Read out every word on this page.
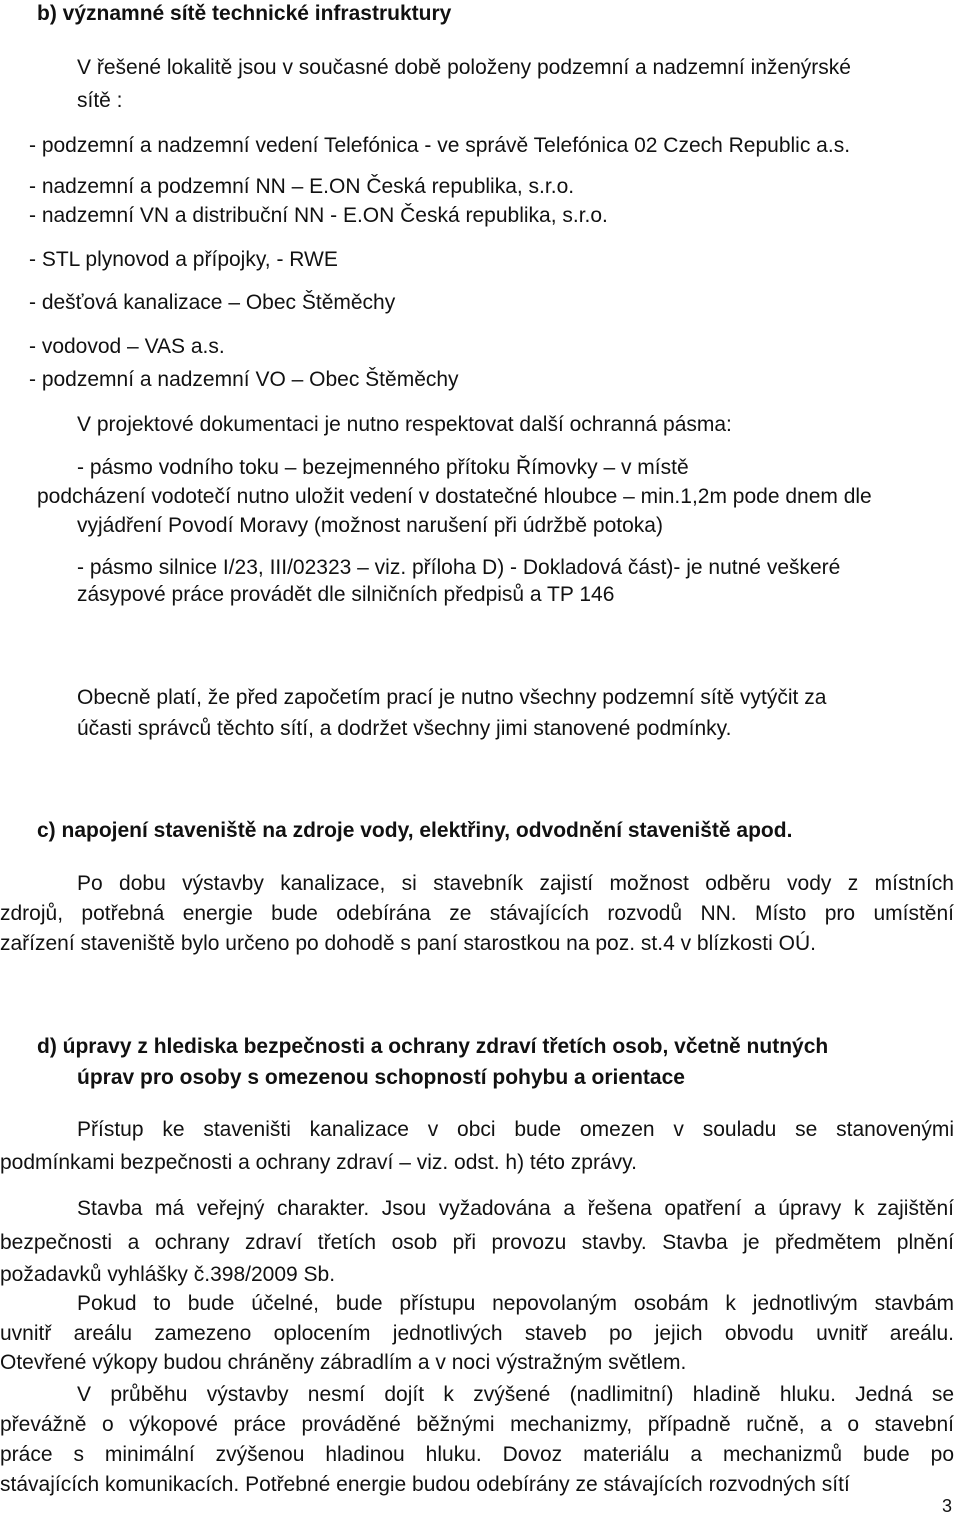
b) významné sítě technické infrastruktury
V řešené lokalitě jsou v současné době položeny podzemní a nadzemní inženýrské
sítě :
- podzemní a nadzemní vedení Telefónica - ve správě Telefónica 02 Czech Republic a.s.
- nadzemní a podzemní NN – E.ON Česká republika, s.r.o.
- nadzemní VN a distribuční NN - E.ON Česká republika, s.r.o.
- STL plynovod a přípojky, - RWE
- dešťová kanalizace – Obec Štěměchy
- vodovod – VAS a.s.
- podzemní a nadzemní VO – Obec Štěměchy
V projektové dokumentaci je nutno respektovat další ochranná pásma:
- pásmo vodního toku – bezejmenného přítoku Římovky – v místě
podcházení vodotečí nutno uložit vedení v dostatečné hloubce – min.1,2m pode dnem dle
vyjádření Povodí Moravy (možnost narušení při údržbě potoka)
- pásmo silnice I/23, III/02323 – viz. příloha D) - Dokladová část)- je nutné veškeré
zásypové práce provádět dle silničních předpisů a TP 146
Obecně platí, že před započetím prací je nutno všechny podzemní sítě vytýčit za
účasti správců těchto sítí, a dodržet všechny jimi stanovené podmínky.
c) napojení staveniště na zdroje vody, elektřiny, odvodnění staveniště apod.
Po dobu výstavby kanalizace, si stavebník zajistí možnost odběru vody z místních
zdrojů, potřebná energie bude odebírána ze stávajících rozvodů NN. Místo pro umístění
zařízení staveniště bylo určeno po dohodě s paní starostkou na poz. st.4 v blízkosti OÚ.
d) úpravy z hlediska bezpečnosti a ochrany zdraví třetích osob, včetně nutných
úprav pro osoby s omezenou schopností pohybu a orientace
Přístup ke staveništi kanalizace v obci bude omezen v souladu se stanovenými
podmínkami bezpečnosti a ochrany zdraví – viz. odst. h) této zprávy.
Stavba má veřejný charakter. Jsou vyžadována a řešena opatření a úpravy k zajištění
bezpečnosti a ochrany zdraví třetích osob při provozu stavby. Stavba je předmětem plnění
požadavků vyhlášky č.398/2009 Sb.
Pokud to bude účelné, bude přístupu nepovolaným osobám k jednotlivým stavbám
uvnitř areálu zamezeno oplocením jednotlivých staveb po jejich obvodu uvnitř areálu.
Otevřené výkopy budou chráněny zábradlím a v noci výstražným světlem.
V průběhu výstavby nesmí dojít k zvýšené (nadlimitní) hladině hluku. Jedná se
převážně o výkopové práce prováděné běžnými mechanizmy, případně ručně, a o stavební
práce s minimální zvýšenou hladinou hluku. Dovoz materiálu a mechanizmů bude po
stávajících komunikacích. Potřebné energie budou odebírány ze stávajících rozvodných sítí
3
